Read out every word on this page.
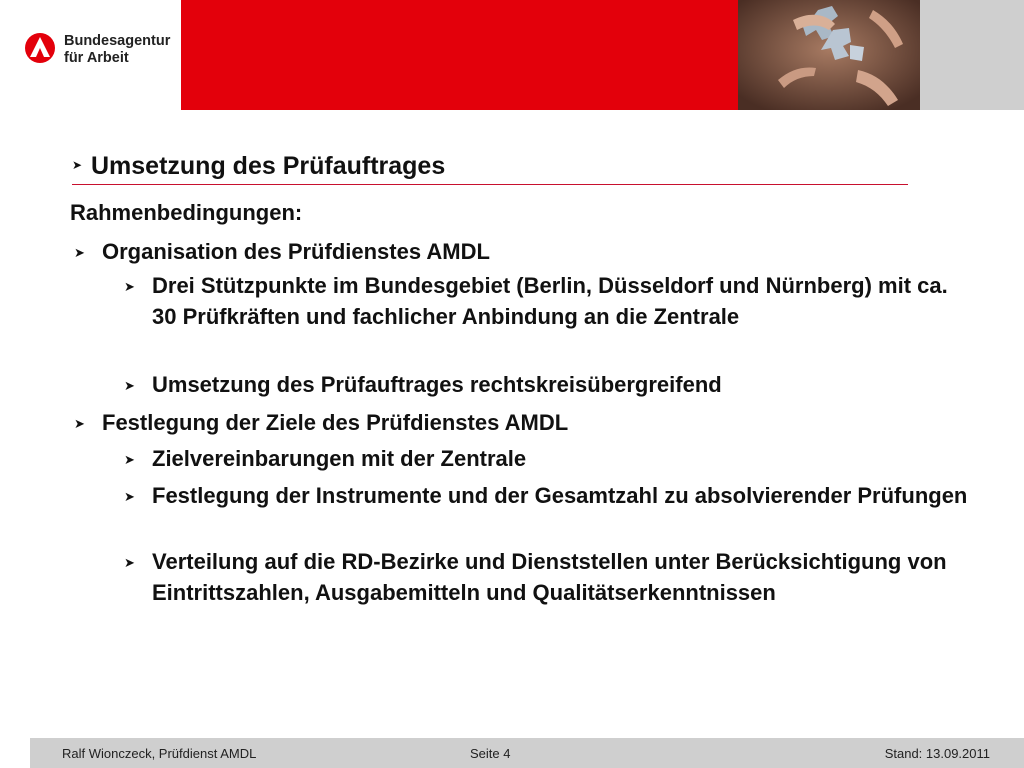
Bundesagentur
für Arbeit
➤ Umsetzung des Prüfauftrages
Rahmenbedingungen:
➤ Organisation des Prüfdienstes AMDL
➤ Drei Stützpunkte im Bundesgebiet (Berlin, Düsseldorf und Nürnberg) mit ca. 30 Prüfkräften und fachlicher Anbindung an die Zentrale
➤ Umsetzung des Prüfauftrages rechtskreisübergreifend
➤ Festlegung der Ziele des Prüfdienstes AMDL
➤ Zielvereinbarungen mit der Zentrale
➤ Festlegung der Instrumente und der Gesamtzahl zu absolvierender Prüfungen
➤ Verteilung auf die RD-Bezirke und Dienststellen unter Berücksichtigung von Eintrittszahlen, Ausgabemitteln und Qualitätserkenntnissen
Ralf Wionczeck, Prüfdienst AMDL	Seite 4	Stand: 13.09.2011
